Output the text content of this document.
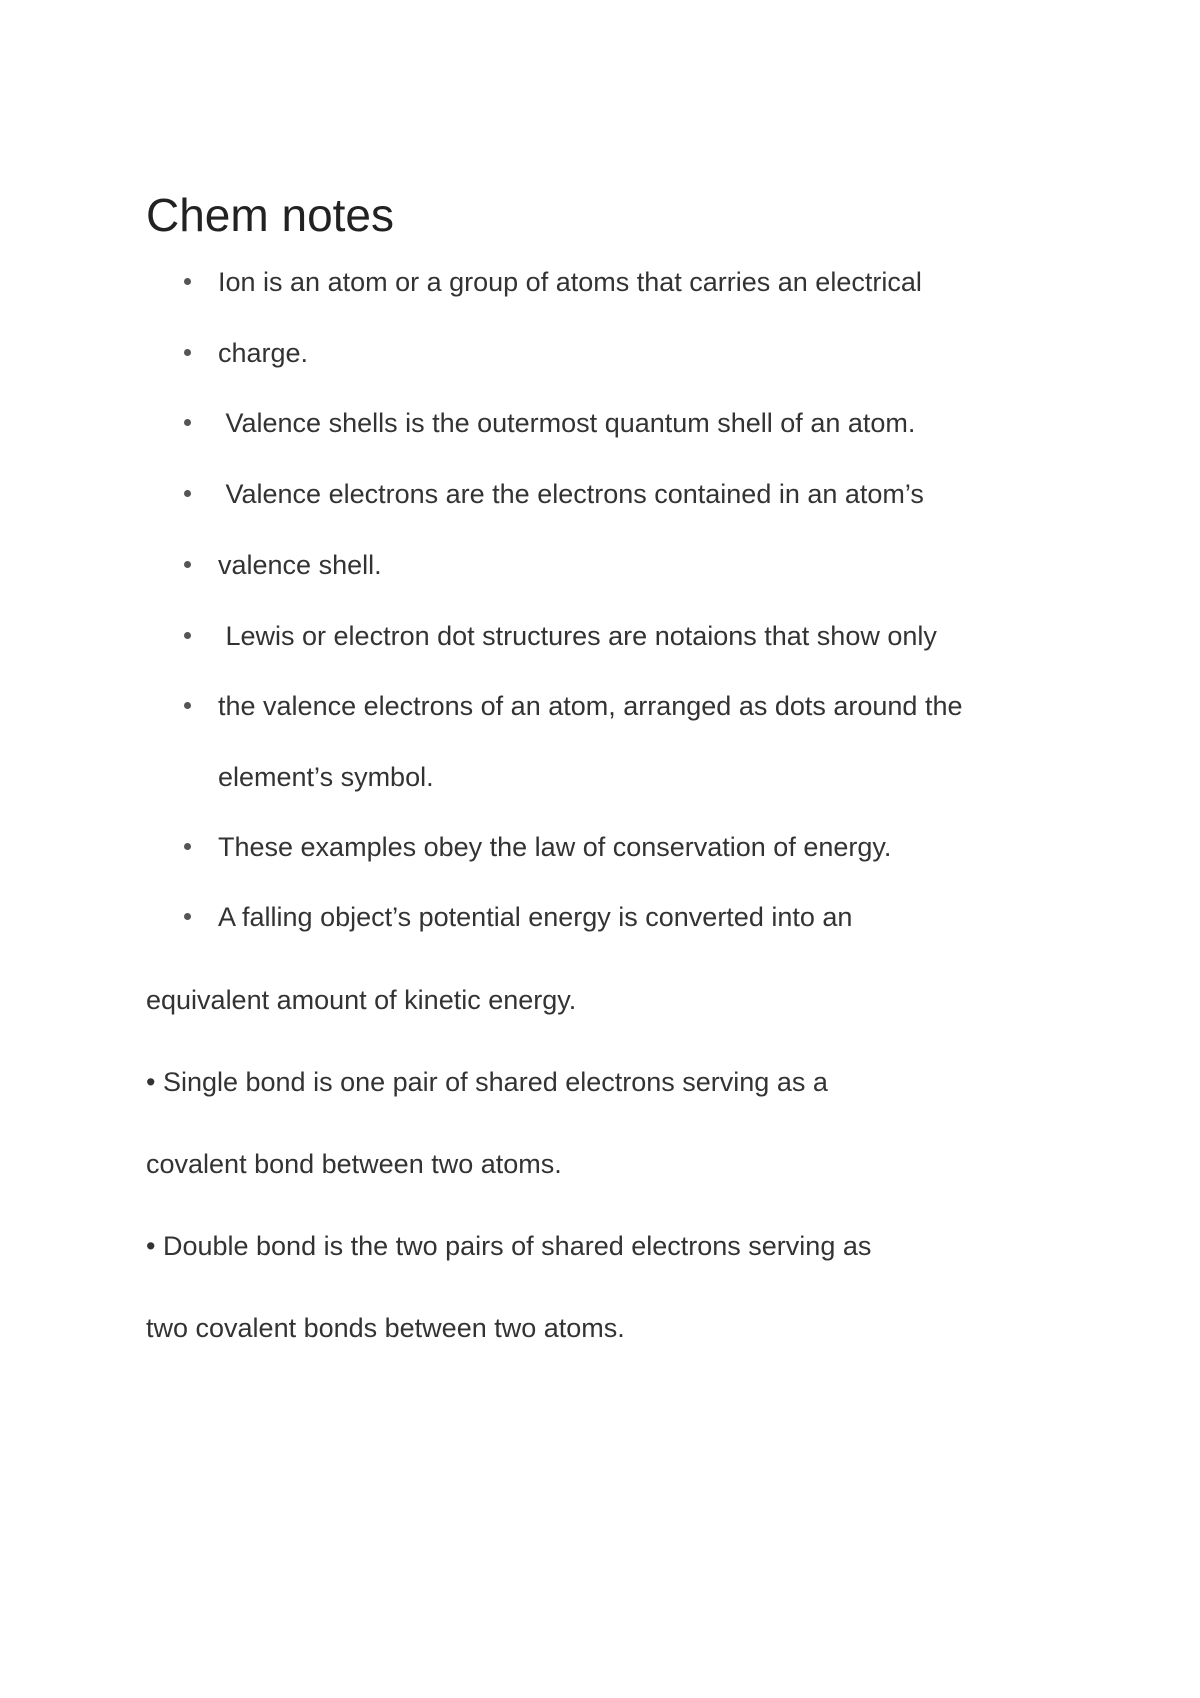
Chem notes
Ion is an atom or a group of atoms that carries an electrical
charge.
Valence shells is the outermost quantum shell of an atom.
Valence electrons are the electrons contained in an atom’s
valence shell.
Lewis or electron dot structures are notaions that show only
the valence electrons of an atom, arranged as dots around the
These examples obey the law of conservation of energy.
A falling object’s potential energy is converted into an
element’s symbol.

equivalent amount of kinetic energy.

• Single bond is one pair of shared electrons serving as a

covalent bond between two atoms.

• Double bond is the two pairs of shared electrons serving as

two covalent bonds between two atoms.
